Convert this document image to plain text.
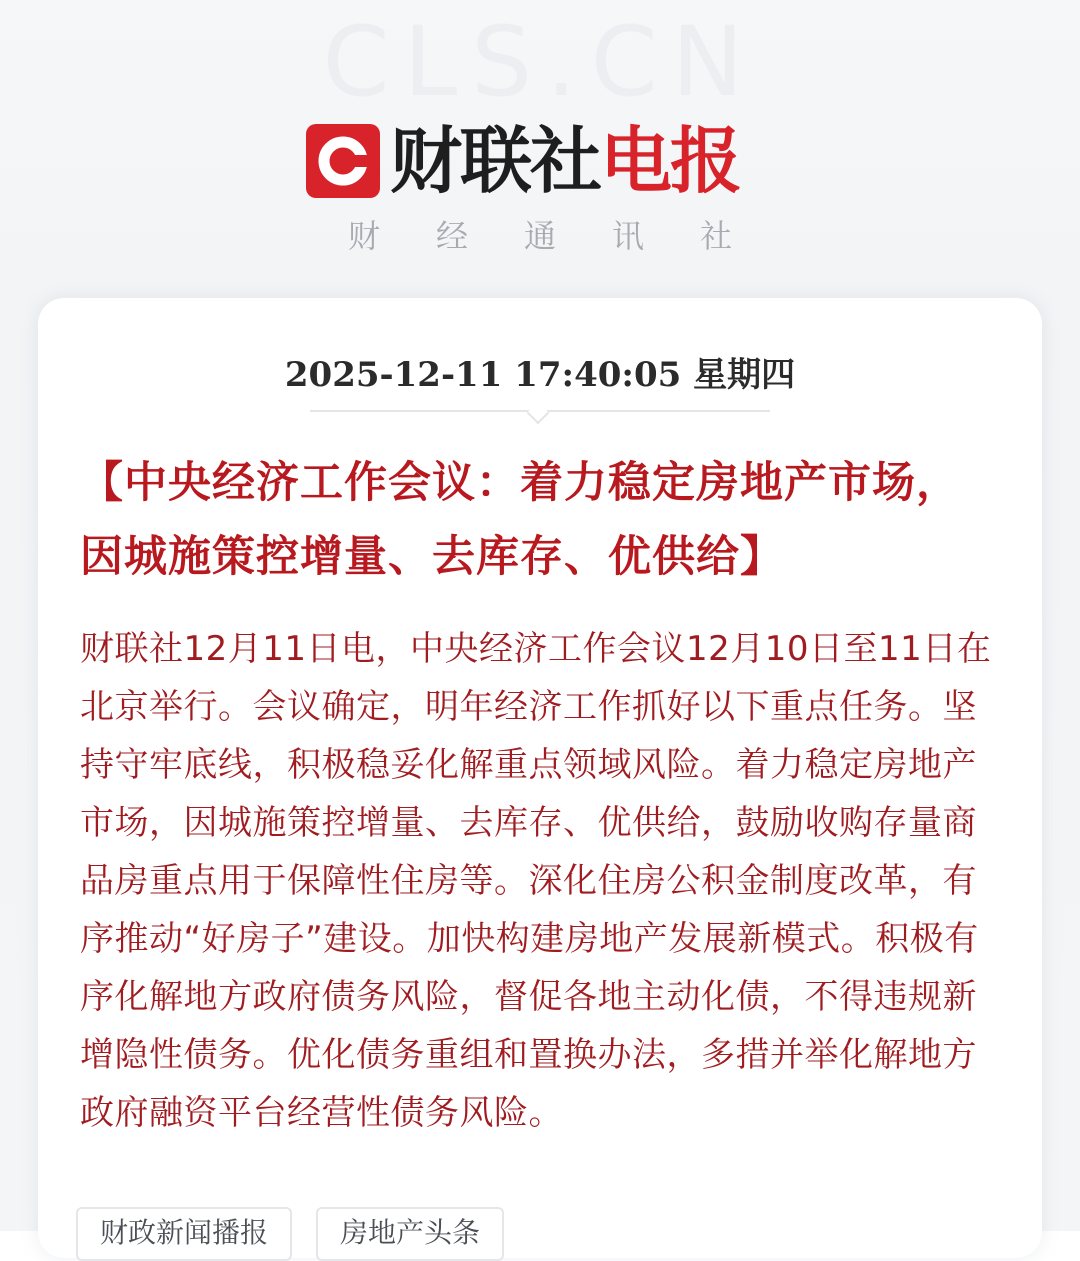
CLS.CN
财联社 电报
财经通讯社
2025-12-11 17:40:05 星期四
【中央经济工作会议：着力稳定房地产市场，因城施策控增量、去库存、优供给】
财联社12月11日电，中央经济工作会议12月10日至11日在北京举行。会议确定，明年经济工作抓好以下重点任务。坚持守牢底线，积极稳妥化解重点领域风险。着力稳定房地产市场，因城施策控增量、去库存、优供给，鼓励收购存量商品房重点用于保障性住房等。深化住房公积金制度改革，有序推动“好房子”建设。加快构建房地产发展新模式。积极有序化解地方政府债务风险，督促各地主动化债，不得违规新增隐性债务。优化债务重组和置换办法，多措并举化解地方政府融资平台经营性债务风险。
财政新闻播报	房地产头条
